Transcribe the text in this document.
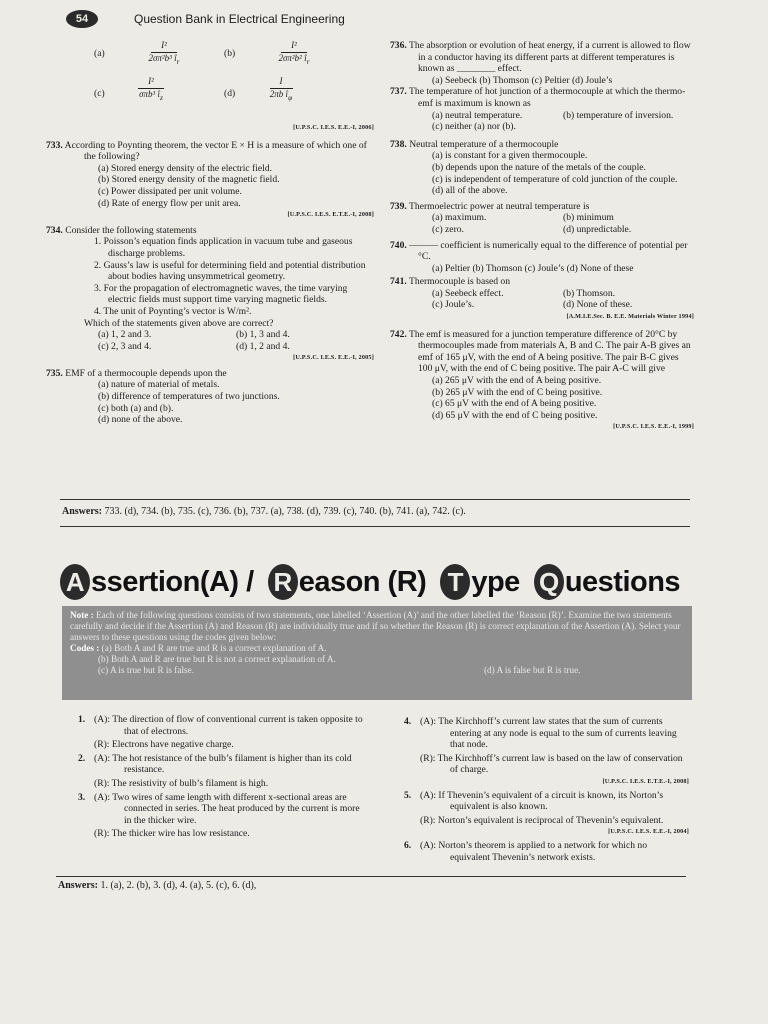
54	Question Bank in Electrical Engineering
(a)
I²
2σπ²b³ $î_r$
(b)
I²
2σπ²b² $î_r$
(c)
I²
σπb³ $î_z$	(d)
I
2πb $î_\varphi$
[U.P.S.C. I.E.S. E.E.-I, 2006]
733. According to Poynting theorem, the vector E × H is a measure of which one of the following?
(a) Stored energy density of the electric field.
(b) Stored energy density of the magnetic field.
(c) Power dissipated per unit volume.
(d) Rate of energy flow per unit area.
[U.P.S.C. I.E.S. E.T.E.-I, 2008]
734. Consider the following statements
1. Poisson’s equation finds application in vacuum tube and gaseous discharge problems.
2. Gauss’s law is useful for determining field and potential distribution about bodies having unsymmetrical geometry.
3. For the propagation of electromagnetic waves, the time varying electric fields must support time varying magnetic fields.
4. The unit of Poynting’s vector is W/m².
Which of the statements given above are correct?
(a) 1, 2 and 3.	(b) 1, 3 and 4.
(c) 2, 3 and 4.	(d) 1, 2 and 4.
[U.P.S.C. I.E.S. E.E.-I, 2005]
735. EMF of a thermocouple depends upon the
(a) nature of material of metals.
(b) difference of temperatures of two junctions.
(c) both (a) and (b).
(d) none of the above.
736. The absorption or evolution of heat energy, if a current is allowed to flow in a conductor having its different parts at different temperatures is known as ________ effect.
(a) Seebeck (b) Thomson (c) Peltier (d) Joule’s
737. The temperature of hot junction of a thermocouple at which the thermo-emf is maximum is known as
(a) neutral temperature.	(b) temperature of inversion.
(c) neither (a) nor (b).
738. Neutral temperature of a thermocouple
(a) is constant for a given thermocouple.
(b) depends upon the nature of the metals of the couple.
(c) is independent of temperature of cold junction of the couple.
(d) all of the above.
739. Thermoelectric power at neutral temperature is
(a) maximum.	(b) minimum
(c) zero.	(d) unpredictable.
740. ——— coefficient is numerically equal to the difference of potential per °C.
(a) Peltier (b) Thomson (c) Joule’s (d) None of these
741. Thermocouple is based on
(a) Seebeck effect.	(b) Thomson.
(c) Joule’s.	(d) None of these.
[A.M.I.E.Sec. B. E.E. Materials Winter 1994]
742. The emf is measured for a junction temperature difference of 20°C by thermocouples made from materials A, B and C. The pair A-B gives an emf of 165 μV, with the end of A being positive. The pair B-C gives 100 μV, with the end of C being positive. The pair A-C will give
(a) 265 μV with the end of A being positive.
(b) 265 μV with the end of C being positive.
(c) 65 μV with the end of A being positive.
(d) 65 μV with the end of C being positive.
[U.P.S.C. I.E.S. E.E.-I, 1999]
Answers: 733. (d), 734. (b), 735. (c), 736. (b), 737. (a), 738. (d), 739. (c), 740. (b), 741. (a), 742. (c).
A ssertion(A) / R eason (R) T ype Q uestions
Note : Each of the following questions consists of two statements, one labelled ‘Assertion (A)’ and the other labelled the ‘Reason (R)’. Examine the two statements carefully and decide if the Assertion (A) and Reason (R) are individually true and if so whether the Reason (R) is correct explanation of the Assertion (A). Select your answers to these questions using the codes given below:
Codes : (a) Both A and R are true and R is a correct explanation of A.
(b) Both A and R are true but R is not a correct explanation of A.
(c) A is true but R is false.	(d) A is false but R is true.
1. (A): The direction of flow of conventional current is taken opposite to that of electrons.
(R): Electrons have negative charge.
2. (A): The hot resistance of the bulb’s filament is higher than its cold resistance.
(R): The resistivity of bulb’s filament is high.
3. (A): Two wires of same length with different x-sectional areas are connected in series. The heat produced by the current is more in the thicker wire.
(R): The thicker wire has low resistance.
4. (A): The Kirchhoff’s current law states that the sum of currents entering at any node is equal to the sum of currents leaving that node.
(R): The Kirchhoff’s current law is based on the law of conservation of charge.
[U.P.S.C. I.E.S. E.T.E.-I, 2008]
5. (A): If Thevenin’s equivalent of a circuit is known, its Norton’s equivalent is also known.
(R): Norton’s equivalent is reciprocal of Thevenin’s equivalent.
[U.P.S.C. I.E.S. E.E.-I, 2004]
6. (A): Norton’s theorem is applied to a network for which no equivalent Thevenin’s network exists.
Answers: 1. (a), 2. (b), 3. (d), 4. (a), 5. (c), 6. (d),
